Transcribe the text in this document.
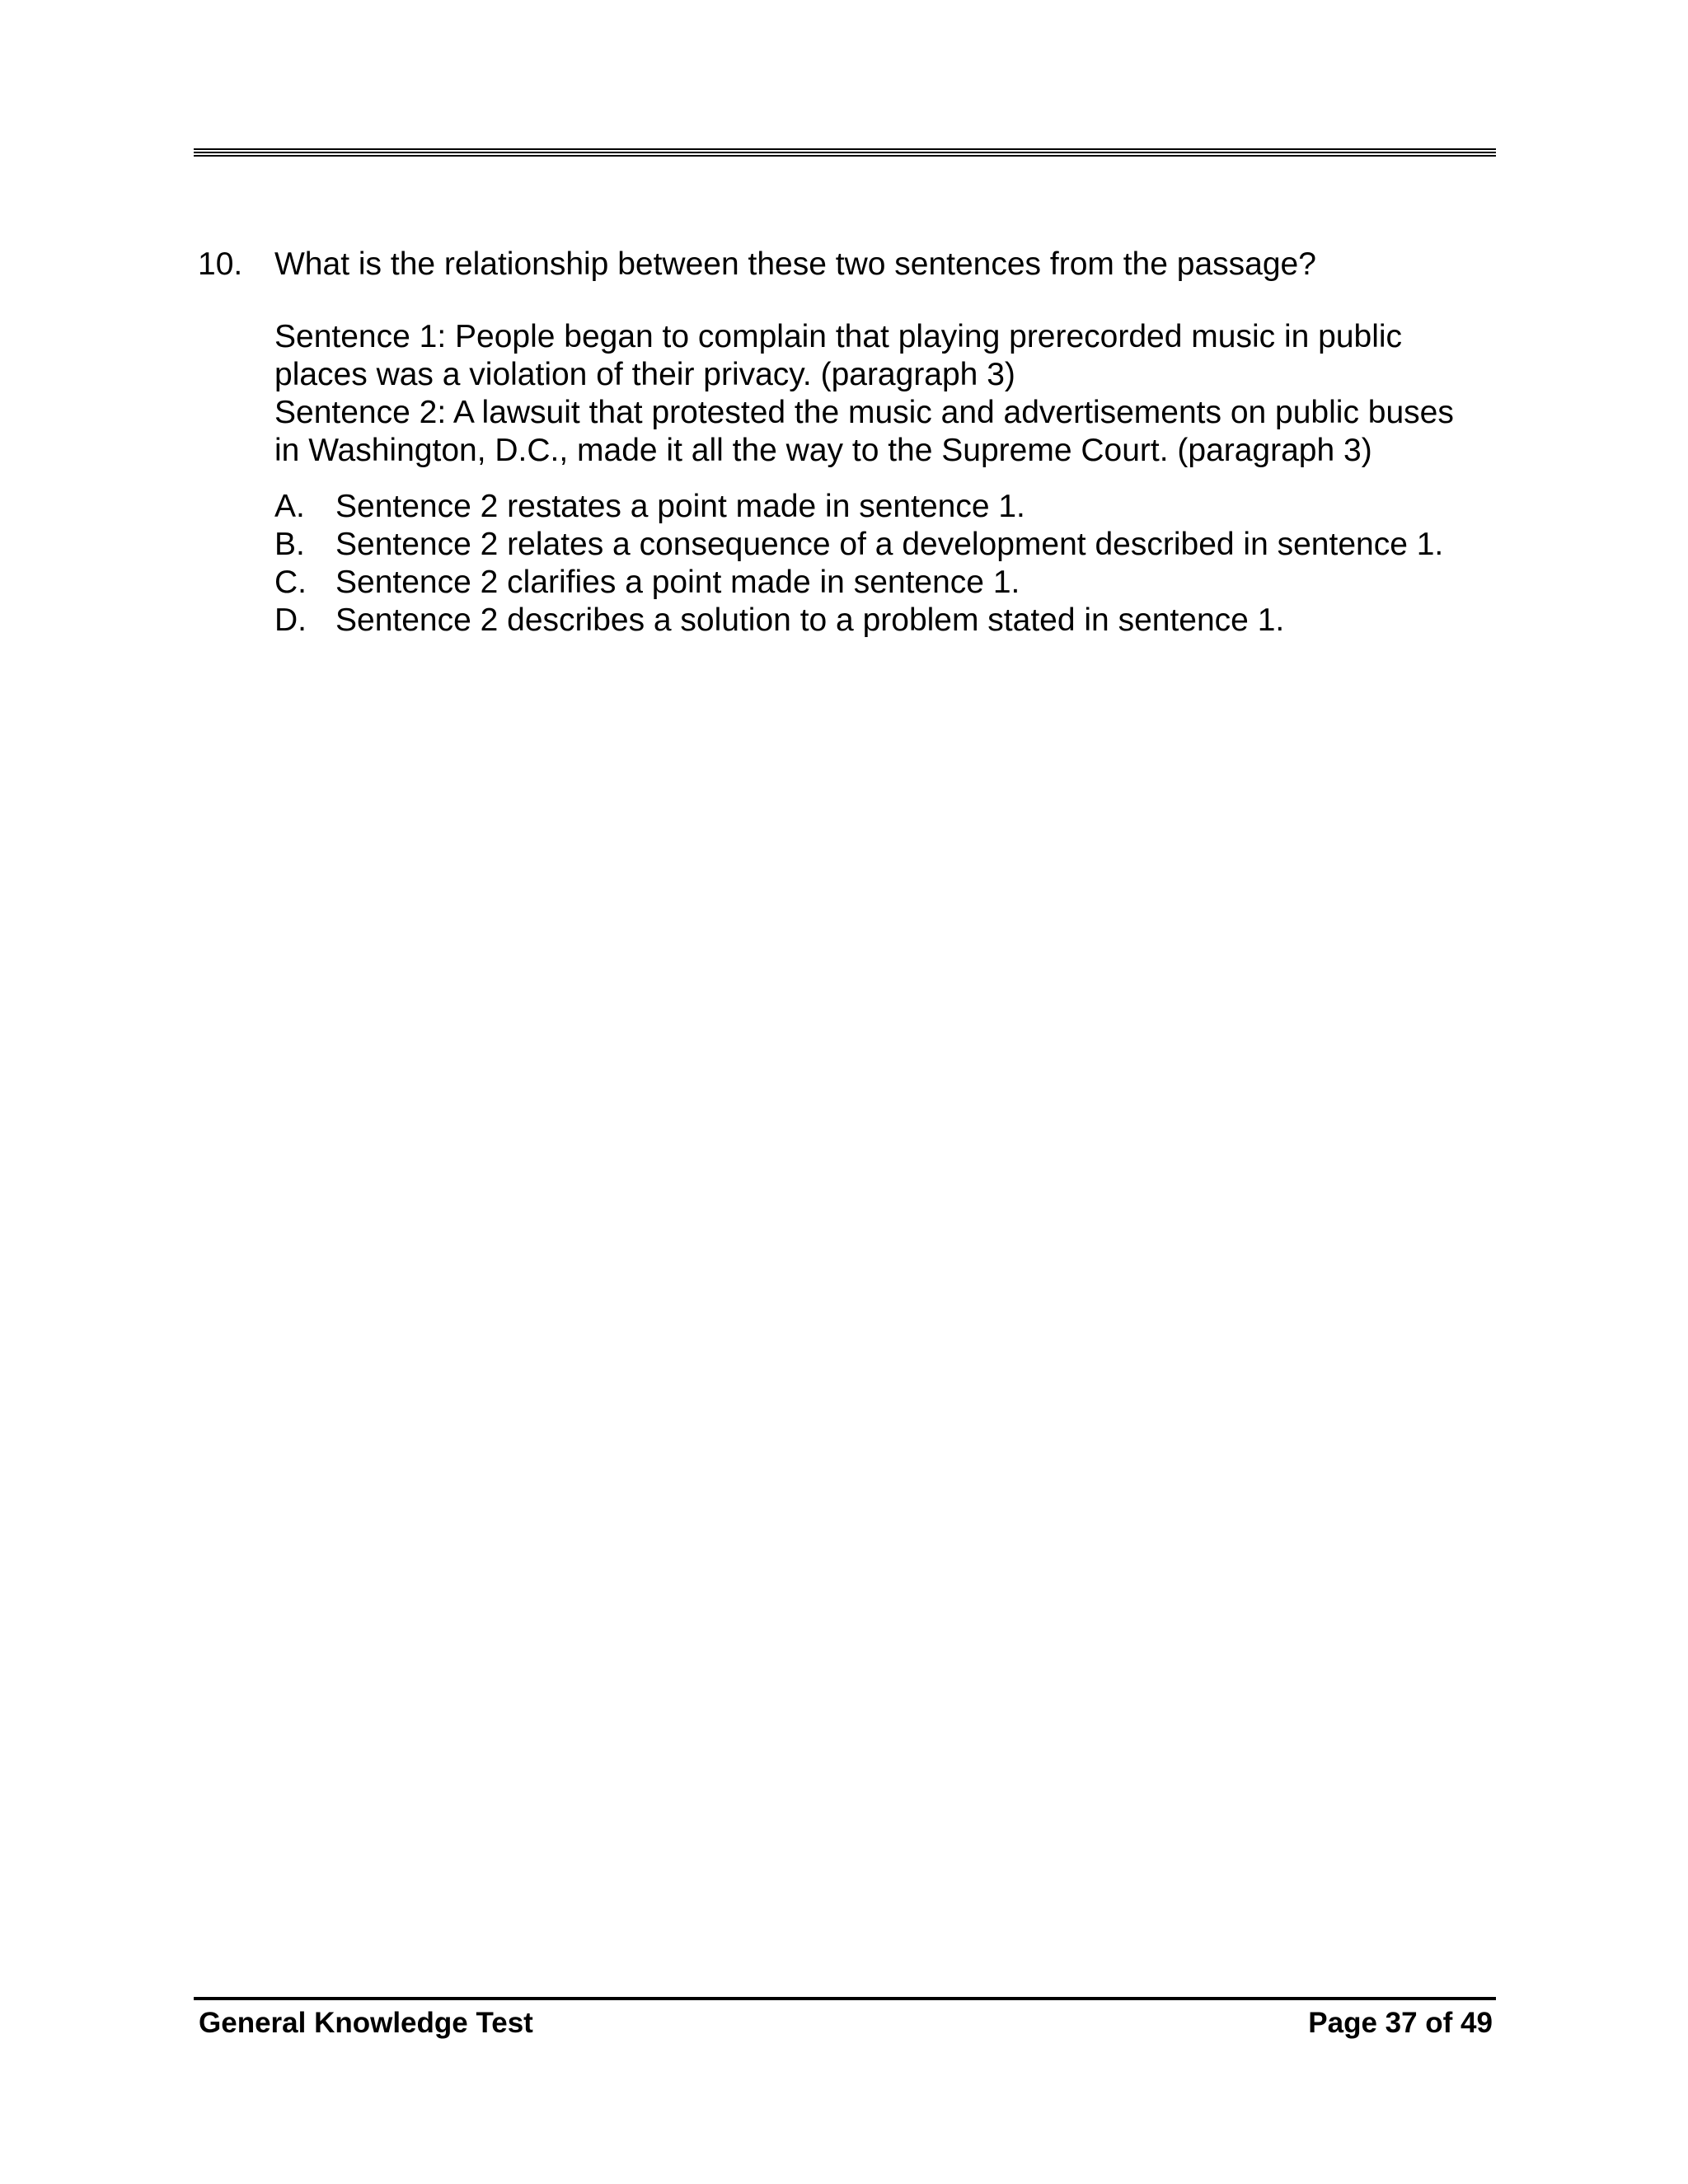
10. What is the relationship between these two sentences from the passage?

Sentence 1: People began to complain that playing prerecorded music in public places was a violation of their privacy. (paragraph 3)

Sentence 2: A lawsuit that protested the music and advertisements on public buses in Washington, D.C., made it all the way to the Supreme Court. (paragraph 3)

A. Sentence 2 restates a point made in sentence 1.
B. Sentence 2 relates a consequence of a development described in sentence 1.
C. Sentence 2 clarifies a point made in sentence 1.
D. Sentence 2 describes a solution to a problem stated in sentence 1.
General Knowledge Test	Page 37 of 49
